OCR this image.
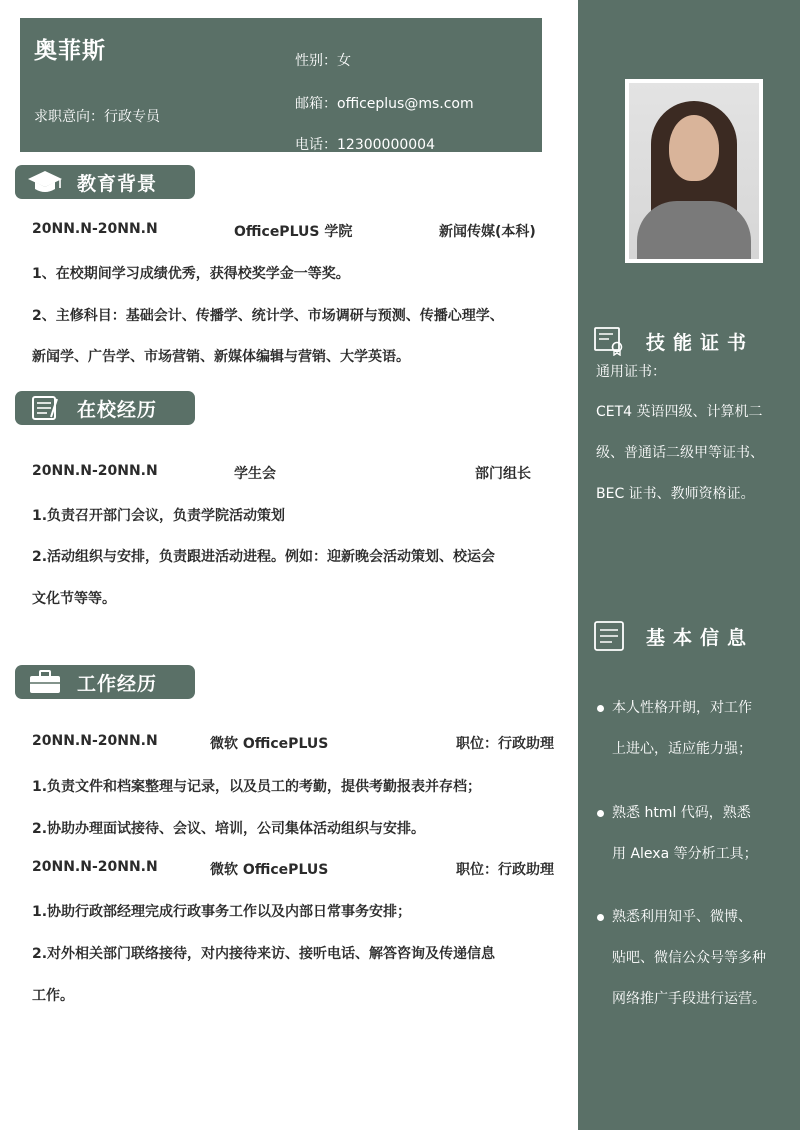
奥菲斯
求职意向：行政专员
性别：女
邮箱：officeplus@ms.com
电话：12300000004
教育背景
20NN.N-20NN.N	OfficePLUS 学院	新闻传媒(本科)
1、在校期间学习成绩优秀，获得校奖学金一等奖。
2、主修科目：基础会计、传播学、统计学、市场调研与预测、传播心理学、
新闻学、广告学、市场营销、新媒体编辑与营销、大学英语。
在校经历
20NN.N-20NN.N	学生会	部门组长
1.负责召开部门会议，负责学院活动策划
2.活动组织与安排，负责跟进活动进程。例如：迎新晚会活动策划、校运会
文化节等等。
工作经历
20NN.N-20NN.N	微软 OfficePLUS	职位：行政助理
1.负责文件和档案整理与记录，以及员工的考勤，提供考勤报表并存档；
2.协助办理面试接待、会议、培训，公司集体活动组织与安排。
20NN.N-20NN.N	微软 OfficePLUS	职位：行政助理
1.协助行政部经理完成行政事务工作以及内部日常事务安排；
2.对外相关部门联络接待，对内接待来访、接听电话、解答咨询及传递信息
工作。
技能证书
通用证书：
CET4 英语四级、计算机二
级、普通话二级甲等证书、
BEC 证书、教师资格证。
基本信息
本人性格开朗，对工作
上进心，适应能力强；
熟悉 html 代码，熟悉
用 Alexa 等分析工具；
熟悉利用知乎、微博、
贴吧、微信公众号等多种
网络推广手段进行运营。
